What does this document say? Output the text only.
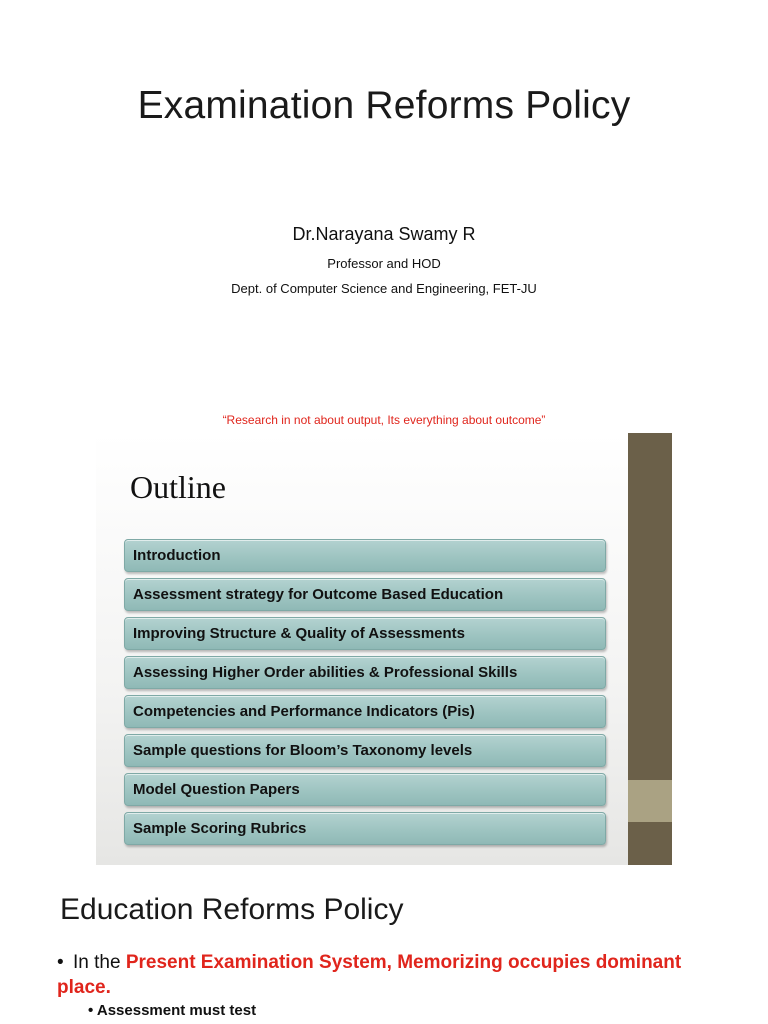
Examination Reforms Policy
Dr.Narayana Swamy R
Professor and HOD
Dept. of Computer Science and Engineering, FET-JU
“Research in not about output, Its everything about outcome”
Outline
Introduction
Assessment strategy for Outcome Based Education
Improving Structure & Quality of Assessments
Assessing Higher Order abilities & Professional Skills
Competencies and Performance Indicators (Pis)
Sample questions for Bloom’s Taxonomy levels
Model Question Papers
Sample Scoring Rubrics
Education Reforms Policy
• In the Present Examination System, Memorizing occupies dominant place.
• Assessment must test
